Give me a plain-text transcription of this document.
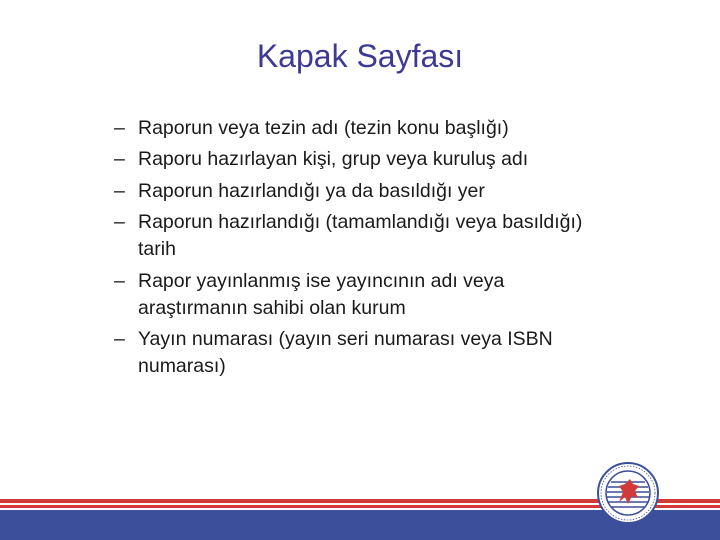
Kapak Sayfası
– Raporun veya tezin adı (tezin konu başlığı)
– Raporu hazırlayan kişi, grup veya kuruluş adı
– Raporun hazırlandığı ya da basıldığı yer
– Raporun hazırlandığı (tamamlandığı veya basıldığı)
tarih
– Rapor yayınlanmış ise yayıncının adı veya
araştırmanın sahibi olan kurum
– Yayın numarası (yayın seri numarası veya ISBN
numarası)
